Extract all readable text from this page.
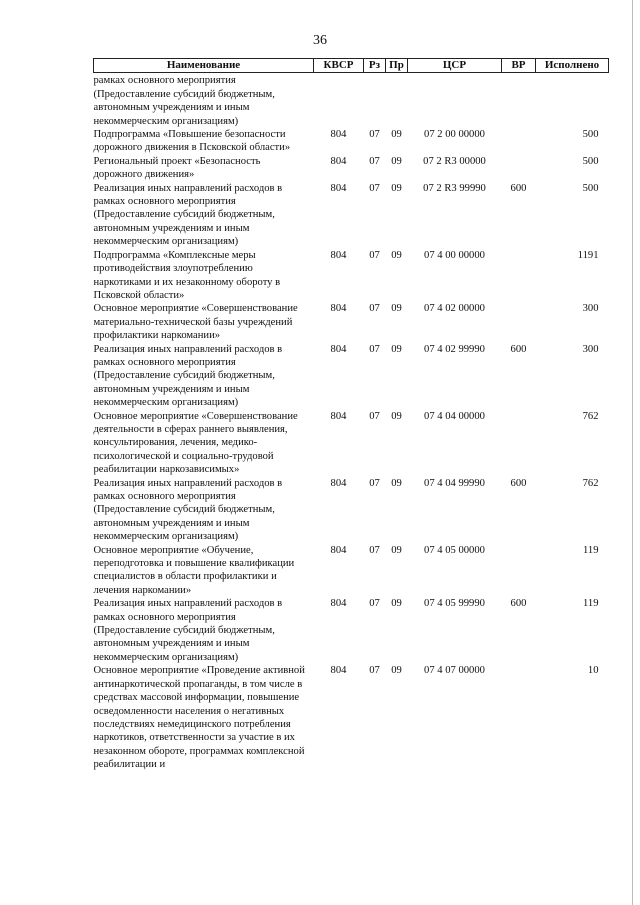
36
Наименование	КВСР	Рз	Пр	ЦСР	ВР	Исполнено
рамках основного мероприятия (Предоставление субсидий бюджетным, автономным учреждениям и иным некоммерческим организациям)						
Подпрограмма «Повышение безопасности дорожного движения в Псковской области»	804	07	09	07 2 00 00000		500
Региональный проект «Безопасность дорожного движения»	804	07	09	07 2 R3 00000		500
Реализация иных направлений расходов в рамках основного мероприятия (Предоставление субсидий бюджетным, автономным учреждениям и иным некоммерческим организациям)	804	07	09	07 2 R3 99990	600	500
Подпрограмма «Комплексные меры противодействия злоупотреблению наркотиками и их незаконному обороту в Псковской области»	804	07	09	07 4 00 00000		1191
Основное мероприятие «Совершенствование материально-технической базы учреждений профилактики наркомании»	804	07	09	07 4 02 00000		300
Реализация иных направлений расходов в рамках основного мероприятия (Предоставление субсидий бюджетным, автономным учреждениям и иным некоммерческим организациям)	804	07	09	07 4 02 99990	600	300
Основное мероприятие «Совершенствование деятельности в сферах раннего выявления, консультирования, лечения, медико-психологической и социально-трудовой реабилитации наркозависимых»	804	07	09	07 4 04 00000		762
Реализация иных направлений расходов в рамках основного мероприятия (Предоставление субсидий бюджетным, автономным учреждениям и иным некоммерческим организациям)	804	07	09	07 4 04 99990	600	762
Основное мероприятие «Обучение, переподготовка и повышение квалификации специалистов в области профилактики и лечения наркомании»	804	07	09	07 4 05 00000		119
Реализация иных направлений расходов в рамках основного мероприятия (Предоставление субсидий бюджетным, автономным учреждениям и иным некоммерческим организациям)	804	07	09	07 4 05 99990	600	119
Основное мероприятие «Проведение активной антинаркотической пропаганды, в том числе в средствах массовой информации, повышение осведомленности населения о негативных последствиях немедицинского потребления наркотиков, ответственности за участие в их незаконном обороте, программах комплексной реабилитации и	804	07	09	07 4 07 00000		10
